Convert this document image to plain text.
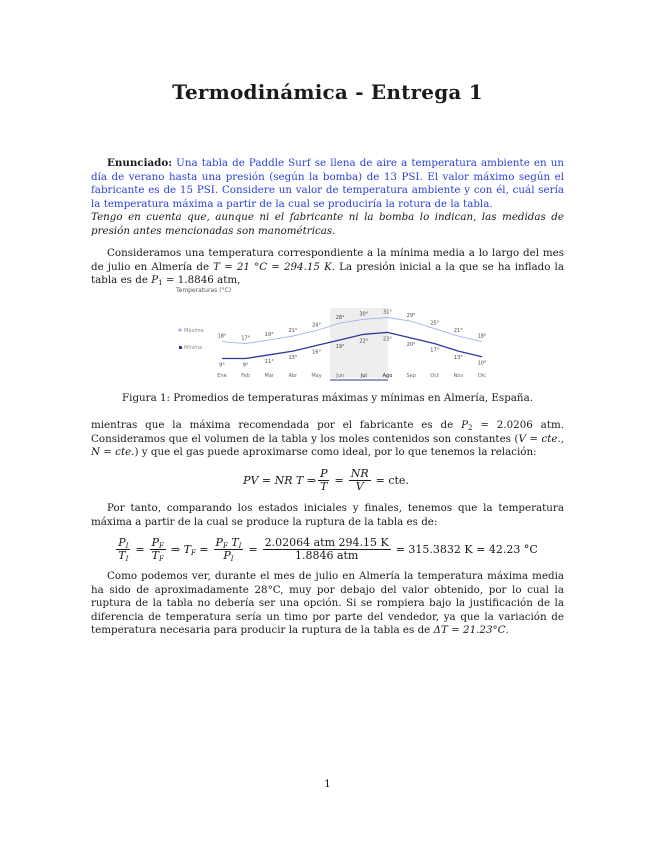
Termodinámica - Entrega 1
Enunciado: Una tabla de Paddle Surf se llena de aire a temperatura ambiente en un día de verano hasta una presión (según la bomba) de 13 PSI. El valor máximo según el fabricante es de 15 PSI. Considere un valor de temperatura ambiente y con él, cuál sería la temperatura máxima a partir de la cual se produciría la rotura de la tabla.
Tengo en cuenta que, aunque ni el fabricante ni la bomba lo indican, las medidas de presión antes mencionadas son manométricas.
Consideramos una temperatura correspondiente a la mínima media a lo largo del mes de julio en Almería de T = 21 °C = 294.15 K. La presión inicial a la que se ha inflado la tabla es de $P_1 = 1.8846$ atm,
Temperaturas (°C)
Máxima
Mínima
18°	17°
19°
21°
24°
28°
30°	31°
29°
25°
21°
18°
9°	9°
11°
13°
16°
19°
22°	23°
20°
17°
13°
10°
Ene	Feb	Mar	Abr	May	Jun	Jul	Ago	Sep	Oct	Nov	Dic
Figura 1: Promedios de temperaturas máximas y mínimas en Almería, España.
mientras que la máxima recomendada por el fabricante es de $P_2 = 2.0206$ atm. Consideramos que el volumen de la tabla y los moles contenidos son constantes (V = cte., N = cte.) y que el gas puede aproximarse como ideal, por lo que tenemos la relación:
PV = NR T ⇒ $\frac{P}{T} = \frac{NR}{V}$ = cte.
Por tanto, comparando los estados iniciales y finales, tenemos que la temperatura máxima a partir de la cual se produce la ruptura de la tabla es de:
$\frac{P_I}{T_I} = \frac{P_F}{T_F}$ ⇒ $T_F = \frac{P_F T_I}{P_I} = \frac{\text{2.02064 atm 294.15 K}}{\text{1.8846 atm}} = 315.3832$ K = 42.23 °C
Como podemos ver, durante el mes de julio en Almería la temperatura máxima media ha sido de aproximadamente 28°C, muy por debajo del valor obtenido, por lo cual la ruptura de la tabla no debería ser una opción. Si se rompiera bajo la justificación de la diferencia de temperatura sería un timo por parte del vendedor, ya que la variación de temperatura necesaria para producir la ruptura de la tabla es de ΔT = 21.23°C.
1
